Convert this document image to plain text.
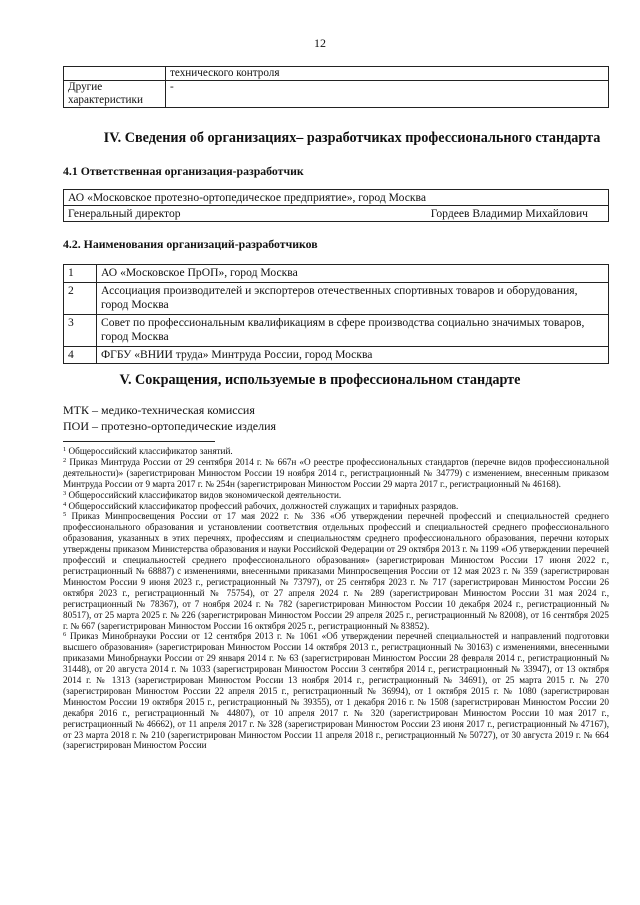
12
	технического контроля
Другие характеристики	-
IV. Сведения об организациях– разработчиках профессионального стандарта
4.1 Ответственная организация-разработчик
АО «Московское протезно-ортопедическое предприятие», город Москва
Генеральный директор	Гордеев Владимир Михайлович
4.2. Наименования организаций-разработчиков
1	АО «Московское ПрОП», город Москва
2	Ассоциация производителей и экспортеров отечественных спортивных товаров и оборудования, город Москва
3	Совет по профессиональным квалификациям в сфере производства социально значимых товаров, город Москва
4	ФГБУ «ВНИИ труда» Минтруда России, город Москва
V. Сокращения, используемые в профессиональном стандарте
МТК – медико-техническая комиссия
ПОИ – протезно-ортопедические изделия

$^1$ Общероссийский классификатор занятий.

$^2$ Приказ Минтруда России от 29 сентября 2014 г. № 667н «О реестре профессиональных стандартов (перечне видов профессиональной деятельности)» (зарегистрирован Минюстом России 19 ноября 2014 г., регистрационный № 34779) с изменением, внесенным приказом Минтруда России от 9 марта 2017 г. № 254н (зарегистрирован Минюстом России 29 марта 2017 г., регистрационный № 46168).

$^3$ Общероссийский классификатор видов экономической деятельности.

$^4$ Общероссийский классификатор профессий рабочих, должностей служащих и тарифных разрядов.

$^5$ Приказ Минпросвещения России от 17 мая 2022 г. № 336 «Об утверждении перечней профессий и специальностей среднего профессионального образования и установлении соответствия отдельных профессий и специальностей среднего профессионального образования, указанных в этих перечнях, профессиям и специальностям среднего профессионального образования, перечни которых утверждены приказом Министерства образования и науки Российской Федерации от 29 октября 2013 г. № 1199 «Об утверждении перечней профессий и специальностей среднего профессионального образования» (зарегистрирован Минюстом России 17 июня 2022 г., регистрационный № 68887) с изменениями, внесенными приказами Минпросвещения России от 12 мая 2023 г. № 359 (зарегистрирован Минюстом России 9 июня 2023 г., регистрационный № 73797), от 25 сентября 2023 г. № 717 (зарегистрирован Минюстом России 26 октября 2023 г., регистрационный № 75754), от 27 апреля 2024 г. № 289 (зарегистрирован Минюстом России 31 мая 2024 г., регистрационный № 78367), от 7 ноября 2024 г. № 782 (зарегистрирован Минюстом России 10 декабря 2024 г., регистрационный № 80517), от 25 марта 2025 г. № 226 (зарегистрирован Минюстом России 29 апреля 2025 г., регистрационный № 82008), от 16 сентября 2025 г. № 667 (зарегистрирован Минюстом России 16 октября 2025 г., регистрационный № 83852).

$^6$ Приказ Минобрнауки России от 12 сентября 2013 г. № 1061 «Об утверждении перечней специальностей и направлений подготовки высшего образования» (зарегистрирован Минюстом России 14 октября 2013 г., регистрационный № 30163) с изменениями, внесенными приказами Минобрнауки России от 29 января 2014 г. № 63 (зарегистрирован Минюстом России 28 февраля 2014 г., регистрационный № 31448), от 20 августа 2014 г. № 1033 (зарегистрирован Минюстом России 3 сентября 2014 г., регистрационный № 33947), от 13 октября 2014 г. № 1313 (зарегистрирован Минюстом России 13 ноября 2014 г., регистрационный № 34691), от 25 марта 2015 г. № 270 (зарегистрирован Минюстом России 22 апреля 2015 г., регистрационный № 36994), от 1 октября 2015 г. № 1080 (зарегистрирован Минюстом России 19 октября 2015 г., регистрационный № 39355), от 1 декабря 2016 г. № 1508 (зарегистрирован Минюстом России 20 декабря 2016 г., регистрационный № 44807), от 10 апреля 2017 г. № 320 (зарегистрирован Минюстом России 10 мая 2017 г., регистрационный № 46662), от 11 апреля 2017 г. № 328 (зарегистрирован Минюстом России 23 июня 2017 г., регистрационный № 47167), от 23 марта 2018 г. № 210 (зарегистрирован Минюстом России 11 апреля 2018 г., регистрационный № 50727), от 30 августа 2019 г. № 664 (зарегистрирован Минюстом России
